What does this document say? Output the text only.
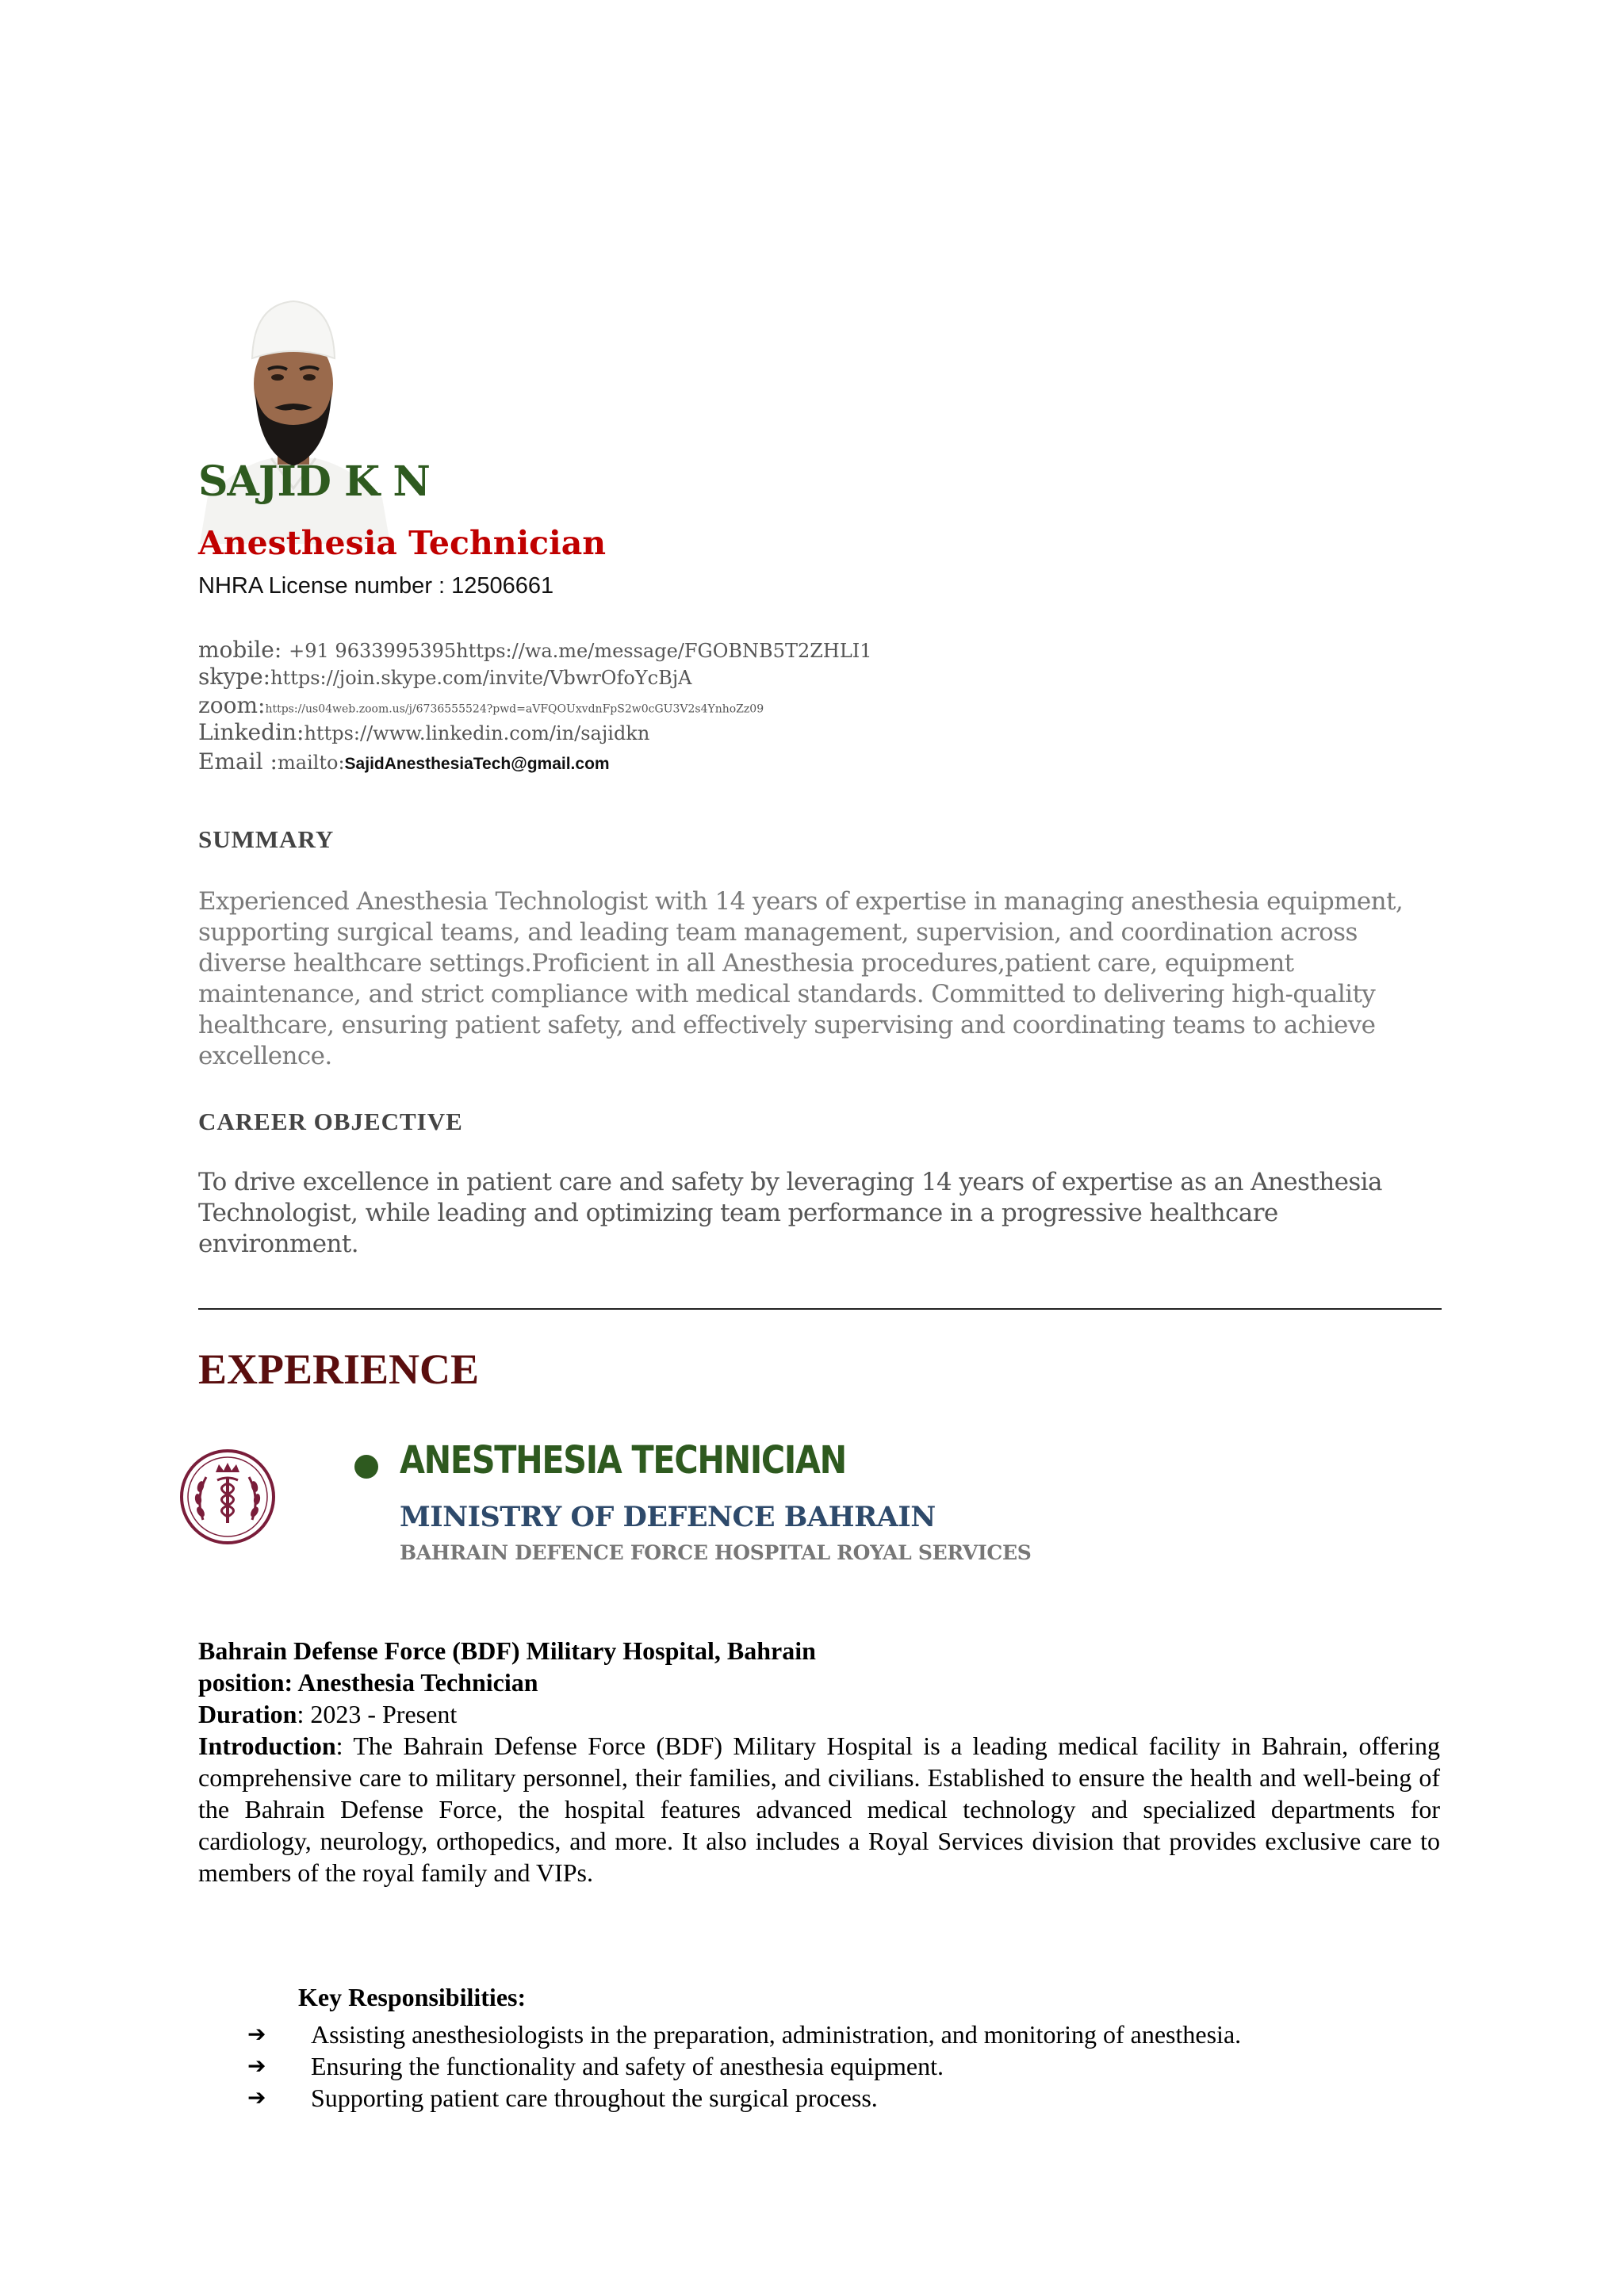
SAJID K N
Anesthesia Technician
NHRA License number : 12506661
mobile: +91 9633995395https://wa.me/message/FGOBNB5T2ZHLI1
skype:https://join.skype.com/invite/VbwrOfoYcBjA
zoom:https://us04web.zoom.us/j/6736555524?pwd=aVFQOUxvdnFpS2w0cGU3V2s4YnhoZz09
Linkedin:https://www.linkedin.com/in/sajidkn
Email :mailto:SajidAnesthesiaTech@gmail.com
SUMMARY

Experienced Anesthesia Technologist with 14 years of expertise in managing anesthesia equipment, supporting surgical teams, and leading team management, supervision, and coordination across diverse healthcare settings.Proficient in all Anesthesia procedures,patient care, equipment maintenance, and strict compliance with medical standards. Committed to delivering high-quality healthcare, ensuring patient safety, and effectively supervising and coordinating teams to achieve excellence.

CAREER OBJECTIVE

To drive excellence in patient care and safety by leveraging 14 years of expertise as an Anesthesia Technologist, while leading and optimizing team performance in a progressive healthcare environment.

EXPERIENCE
ANESTHESIA TECHNICIAN
MINISTRY OF DEFENCE BAHRAIN
BAHRAIN DEFENCE FORCE HOSPITAL ROYAL SERVICES
Bahrain Defense Force (BDF) Military Hospital, Bahrain
position: Anesthesia Technician
Duration: 2023 - Present
Introduction: The Bahrain Defense Force (BDF) Military Hospital is a leading medical facility in Bahrain, offering comprehensive care to military personnel, their families, and civilians. Established to ensure the health and well-being of the Bahrain Defense Force, the hospital features advanced medical technology and specialized departments for cardiology, neurology, orthopedics, and more. It also includes a Royal Services division that provides exclusive care to members of the royal family and VIPs.
Key Responsibilities:
➔	Assisting anesthesiologists in the preparation, administration, and monitoring of anesthesia.
➔	Ensuring the functionality and safety of anesthesia equipment.
➔	Supporting patient care throughout the surgical process.
